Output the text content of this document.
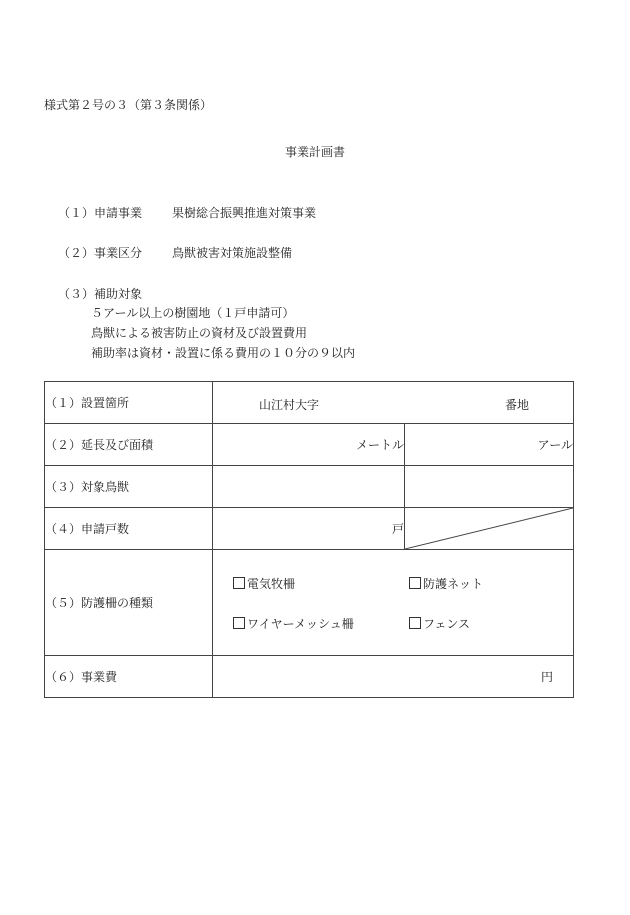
様式第２号の３（第３条関係）
事業計画書
（１）申請事業 果樹総合振興推進対策事業
（２）事業区分 鳥獣被害対策施設整備
（３）補助対象
５アール以上の樹園地（１戸申請可）
鳥獣による被害防止の資材及び設置費用
補助率は資材・設置に係る費用の１０分の９以内
（１）設置箇所	山江村大字 番地	

（２）延長及び面積	メートル	アール
（３）対象鳥獣		
（４）申請戸数	戸	

（５）防護柵の種類	電気牧柵 防護ネット
ワイヤーメッシュ柵 フェンス	

（６）事業費	円	
